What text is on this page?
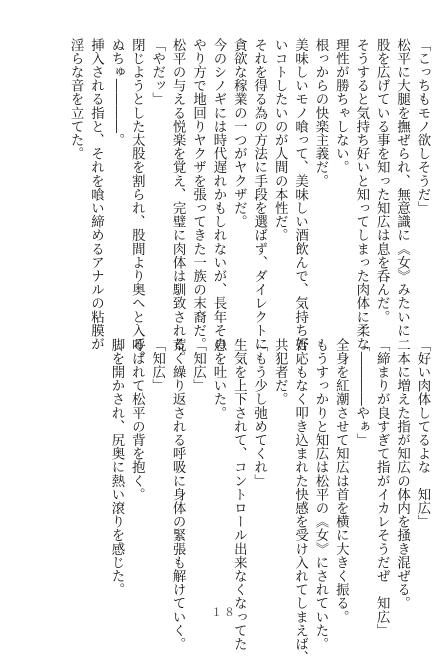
「こっちもモノ欲しそうだ」
松平に大腿を撫ぜられ、無意識に《女》みたいに
股を広げている事を知った知広は息を呑んだ。
そうすると気持ち好いと知ってしまった肉体に柔な
理性が勝ちゃしない。
根っからの快楽主義だ。
美味しいモノ喰って、美味しい酒飲んで、気持ち好
いコトしたいのが人間の本性だ。
それを得る為の方法に手段を選ばず、ダイレクトに
貪欲な稼業の一つがヤクザだ。
今のシノギには時代遅れかもしれないが、長年その
やり方で地回りヤクザを張ってきた一族の末裔だ。
松平の与える悦楽を覚え、完璧に肉体は馴致される。
「やだッ」
閉じようとした太股を割られ、股間より奥へと入る。
ぬちゅ――――。
挿入される指と、それを喰い締めるアナルの粘膜が
淫らな音を立てた。
「好い肉体してるよな　知広」
二本に増えた指が知広の体内を掻き混ぜる。
「締まりが良すぎて指がイカレそうだぜ　知広」
「――――やぁ」
全身を紅潮させて知広は首を横に大きく振る。
もうすっかりと知広は松平の《女》にされていた。
否応もなく叩き込まれた快感を受け入れてしまえば、
共犯者だ。
「もう少し弛めてくれ」
生気を上下されて、コントロール出来なくなってた
息を吐いた。
「知広」
荒く繰り返される呼吸に身体の緊張も解けていく。
「知広」
呼ばれて松平の背を抱く。
脚を開かされ、尻奥に熱い滾りを感じた。
１８
